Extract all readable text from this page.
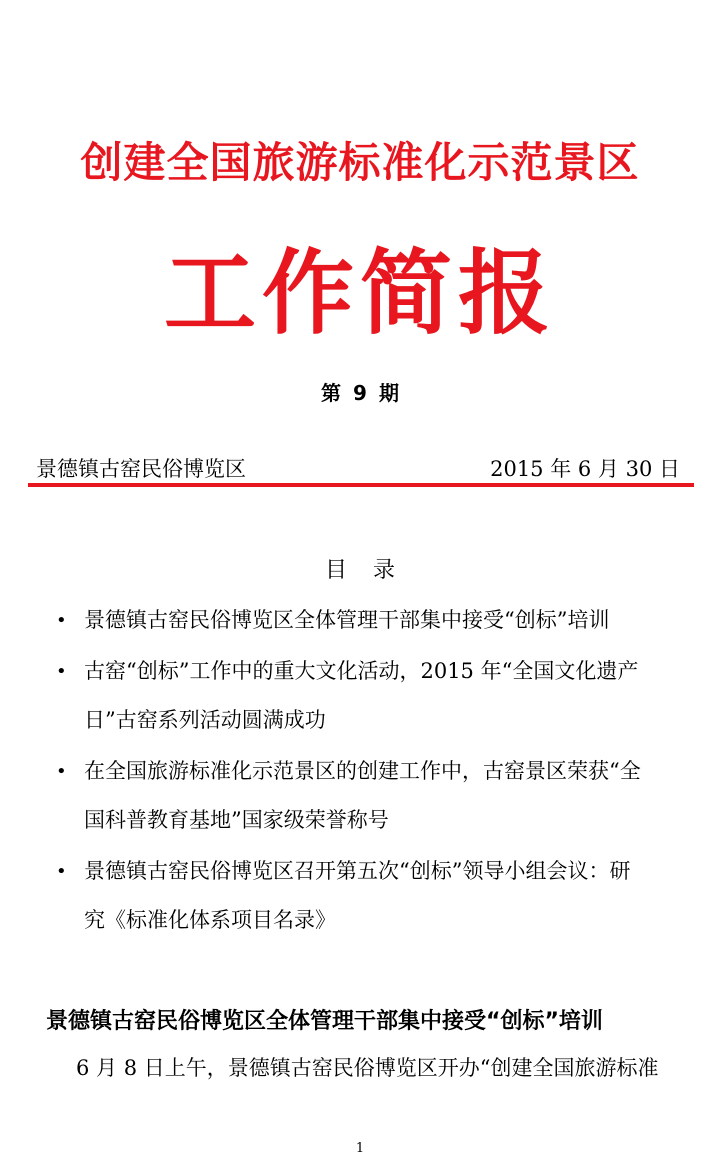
创建全国旅游标准化示范景区
工作简报
第 9 期
景德镇古窑民俗博览区	2015 年 6 月 30 日
目录
• 景德镇古窑民俗博览区全体管理干部集中接受“创标”培训
• 古窑“创标”工作中的重大文化活动，2015 年“全国文化遗产
日”古窑系列活动圆满成功
• 在全国旅游标准化示范景区的创建工作中，古窑景区荣获“全
国科普教育基地”国家级荣誉称号
• 景德镇古窑民俗博览区召开第五次“创标”领导小组会议：研
究《标准化体系项目名录》
景德镇古窑民俗博览区全体管理干部集中接受“创标”培训
6 月 8 日上午，景德镇古窑民俗博览区开办“创建全国旅游标准
1
